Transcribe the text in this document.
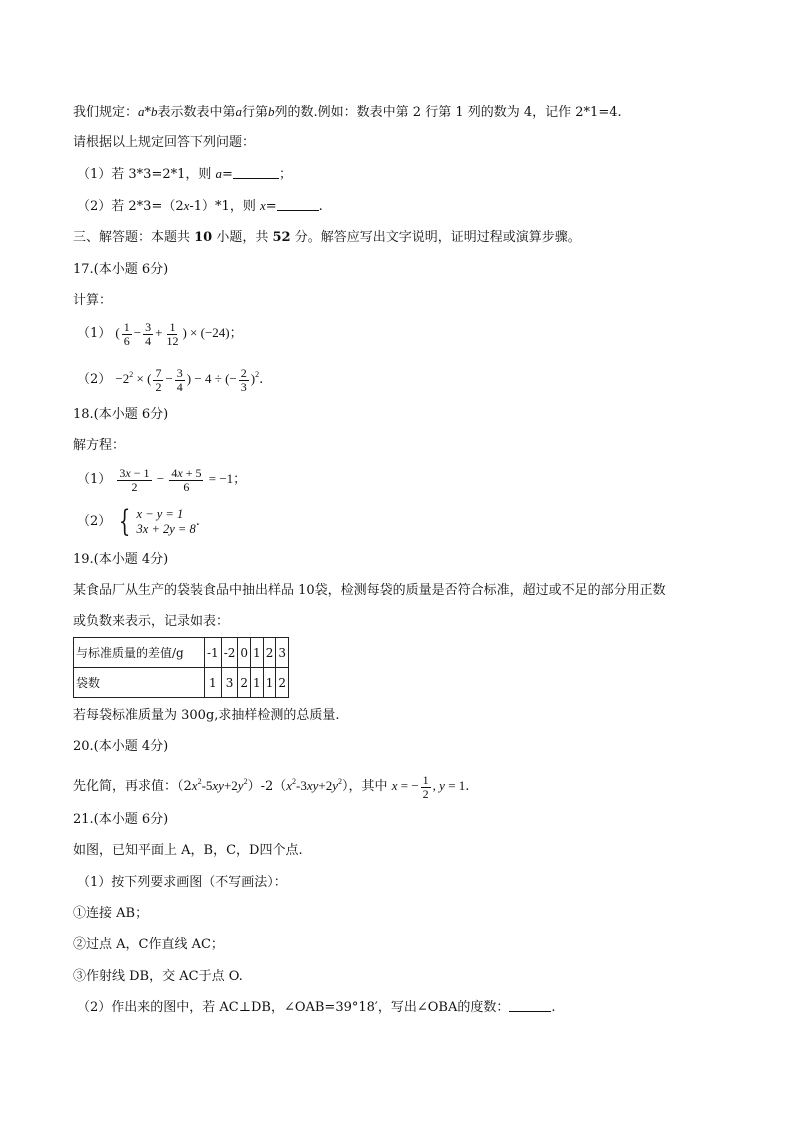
我们规定：a*b表示数表中第a行第b列的数.例如：数表中第 2 行第 1 列的数为 4，记作 2*1=4.
请根据以上规定回答下列问题：
（1）若 3*3=2*1，则 a=	；
（2）若 2*3=（2x-1）*1，则 x=	.
三、解答题：本题共 10 小题，共 52 分。解答应写出文字说明，证明过程或演算步骤。
17.(本小题 6分)
计算：
（1） ( $\frac{1}{6} - \frac{3}{4} + \frac{1}{12}$ ) × (−24)；
$(2) -2^2$ × ( $\frac{7}{2} - \frac{3}{4}$ ) − 4 ÷ (− $\frac{2}{3} )^2$.
18.(本小题 6分)
解方程：
$(1) \frac{3x - 1}{2} - \frac{4x + 5}{6} = -1$；
（2） { x − y = 1
3x + 2y = 8 .
19.(本小题 4分)
某食品厂从生产的袋装食品中抽出样品 10袋，检测每袋的质量是否符合标准，超过或不足的部分用正数
或负数来表示，记录如表：
与标准质量的差值/g	-1	-2	0	1	2	3
袋数	1	3	2	1	1	2
若每袋标准质量为 300g,求抽样检测的总质量.
20.(本小题 4分)
先化简，再求值：$(2x^2-5xy+2y^2)-2(x^2-3xy+2y^2)$，其中 x = − $\frac{1}{2}$ , y = 1.
21.(本小题 6分)
如图，已知平面上 A，B，C，D四个点.
（1）按下列要求画图（不写画法）：
①连接 AB；
②过点 A，C作直线 AC；
③作射线 DB，交 AC于点 O.
（2）作出来的图中，若 AC⊥DB，∠OAB=39°18′，写出∠OBA的度数：	.
